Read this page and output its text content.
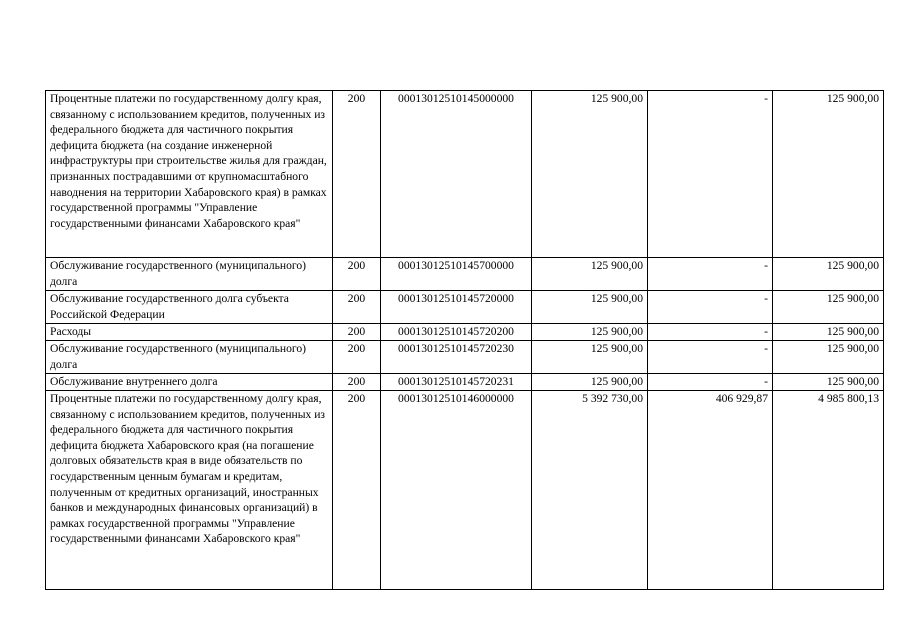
Процентные платежи по государственному долгу края, связанному с использованием кредитов, полученных из федерального бюджета для частичного покрытия дефицита бюджета (на создание инженерной инфраструктуры при строительстве жилья для граждан, признанных пострадавшими от крупномасштабного наводнения на территории Хабаровского края) в рамках государственной программы "Управление государственными финансами Хабаровского края"	200	00013012510145000000	125 900,00	-	125 900,00
Обслуживание государственного (муниципального) долга	200	00013012510145700000	125 900,00	-	125 900,00
Обслуживание государственного долга субъекта Российской Федерации	200	00013012510145720000	125 900,00	-	125 900,00
Расходы	200	00013012510145720200	125 900,00	-	125 900,00
Обслуживание государственного (муниципального) долга	200	00013012510145720230	125 900,00	-	125 900,00
Обслуживание внутреннего долга	200	00013012510145720231	125 900,00	-	125 900,00
Процентные платежи по государственному долгу края, связанному с использованием кредитов, полученных из федерального бюджета для частичного покрытия дефицита бюджета Хабаровского края (на погашение долговых обязательств края в виде обязательств по государственным ценным бумагам и кредитам, полученным от кредитных организаций, иностранных банков и международных финансовых организаций) в рамках государственной программы "Управление государственными финансами Хабаровского края"	200	00013012510146000000	5 392 730,00	406 929,87	4 985 800,13
